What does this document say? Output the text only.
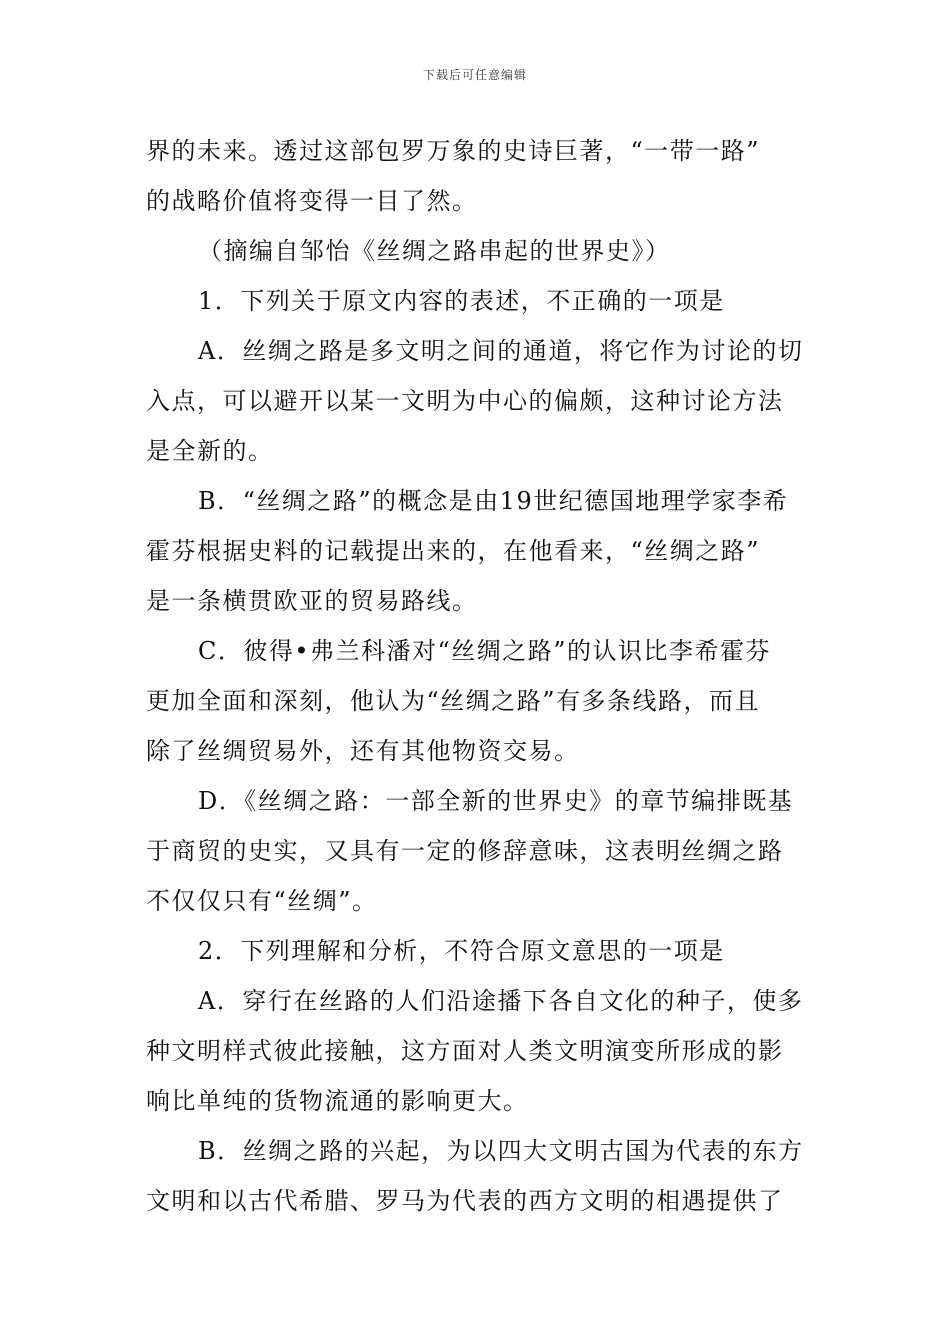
下载后可任意编辑
界的未来。透过这部包罗万象的史诗巨著，“一带一路”
的战略价值将变得一目了然。
（摘编自邹怡《丝绸之路串起的世界史》）
1．下列关于原文内容的表述，不正确的一项是
A．丝绸之路是多文明之间的通道，将它作为讨论的切
入点，可以避开以某一文明为中心的偏颇，这种讨论方法
是全新的。
B．“丝绸之路”的概念是由19世纪德国地理学家李希
霍芬根据史料的记载提出来的，在他看来，“丝绸之路”
是一条横贯欧亚的贸易路线。
C．彼得•弗兰科潘对“丝绸之路”的认识比李希霍芬
更加全面和深刻，他认为“丝绸之路”有多条线路，而且
除了丝绸贸易外，还有其他物资交易。
D．《丝绸之路：一部全新的世界史》的章节编排既基
于商贸的史实，又具有一定的修辞意味，这表明丝绸之路
不仅仅只有“丝绸”。
2．下列理解和分析，不符合原文意思的一项是
A．穿行在丝路的人们沿途播下各自文化的种子，使多
种文明样式彼此接触，这方面对人类文明演变所形成的影
响比单纯的货物流通的影响更大。
B．丝绸之路的兴起，为以四大文明古国为代表的东方
文明和以古代希腊、罗马为代表的西方文明的相遇提供了
